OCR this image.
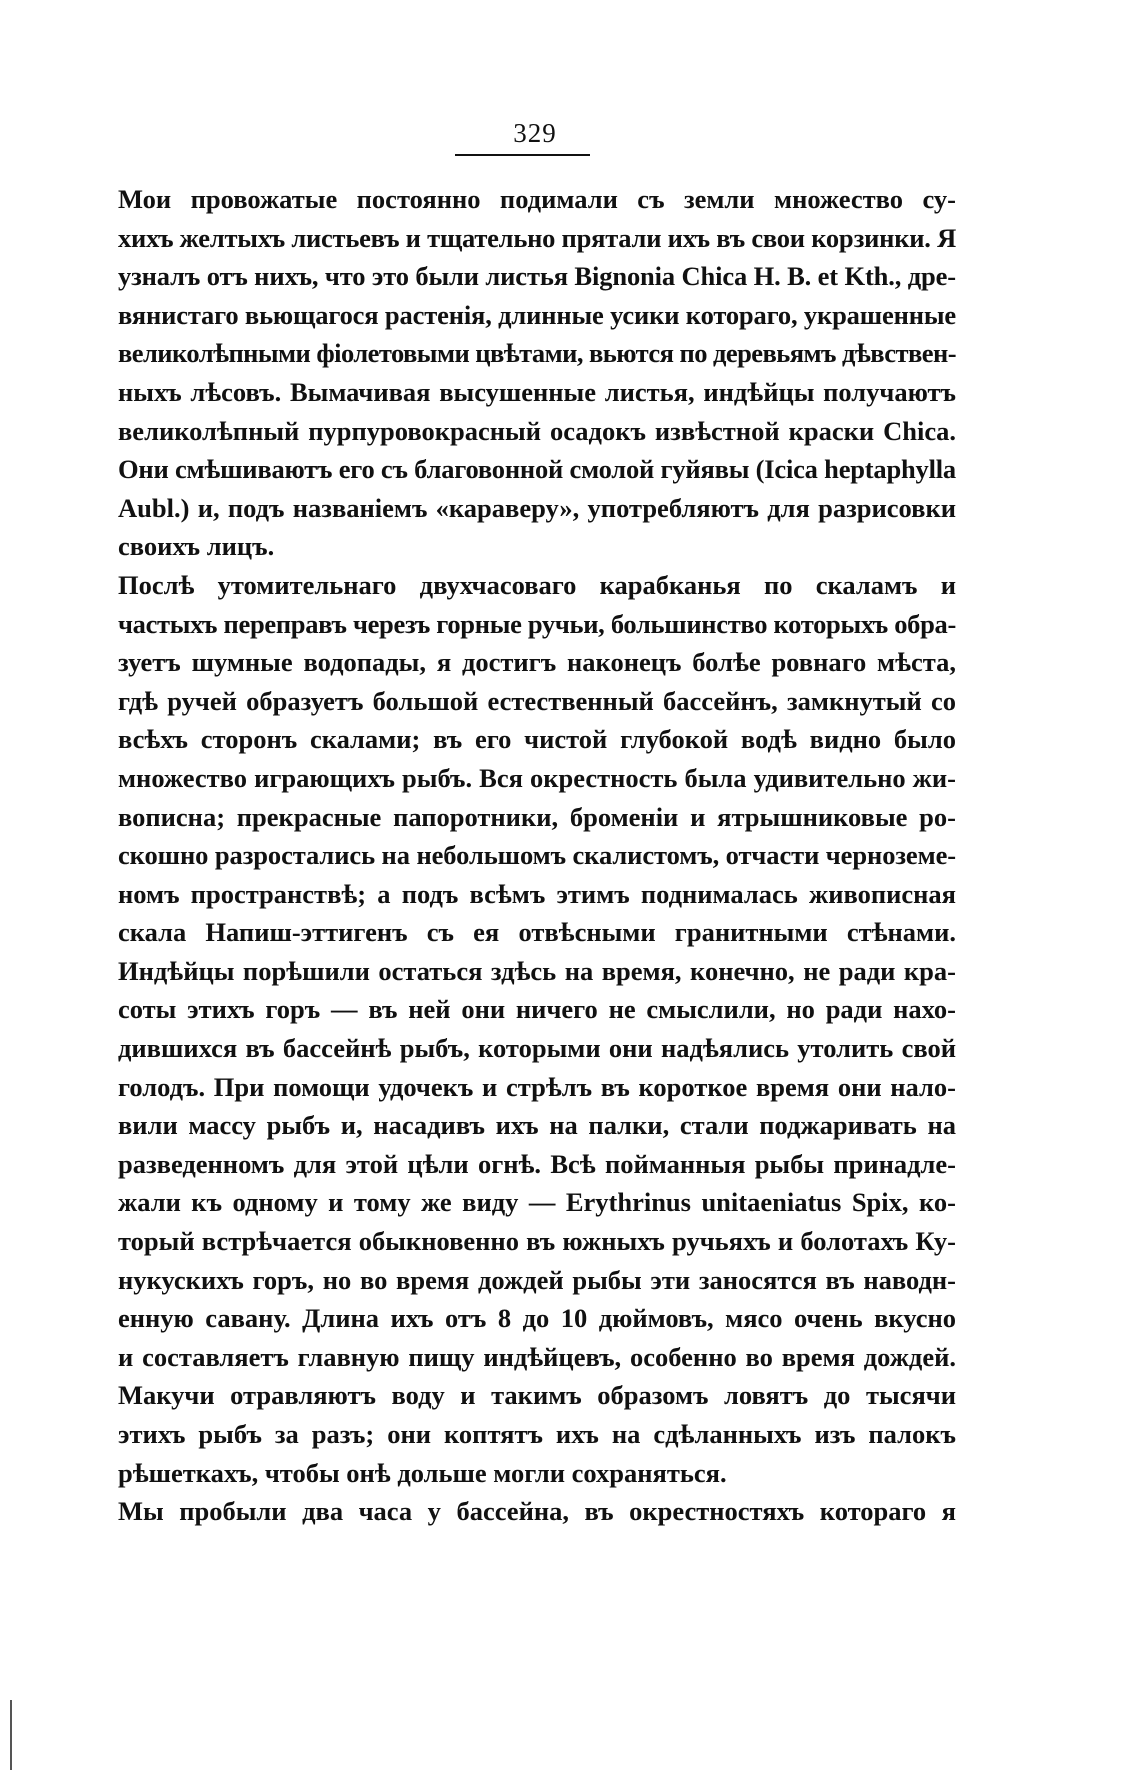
329

Мои провожатые постоянно подимали съ земли множество су-
хихъ желтыхъ листьевъ и тщательно прятали ихъ въ свои корзинки. Я
узналъ отъ нихъ, что это были листья Bignonia Chica H. B. et Kth., дре-
вянистаго вьющагося растенія, длинные усики котораго, украшенные
великолѣпными фіолетовыми цвѣтами, вьются по деревьямъ дѣвствен-
ныхъ лѣсовъ. Вымачивая высушенные листья, индѣйцы получаютъ
великолѣпный пурпуровокрасный осадокъ извѣстной краски Chica.
Они смѣшиваютъ его съ благовонной смолой гуйявы (Icica heptaphylla
Aubl.) и, подъ названіемъ «караверу», употребляютъ для разрисовки
своихъ лицъ.

Послѣ утомительнаго двухчасоваго карабканья по скаламъ и
частыхъ переправъ черезъ горные ручьи, большинство которыхъ обра-
зуетъ шумные водопады, я достигъ наконецъ болѣе ровнаго мѣста,
гдѣ ручей образуетъ большой естественный бассейнъ, замкнутый со
всѣхъ сторонъ скалами; въ его чистой глубокой водѣ видно было
множество играющихъ рыбъ. Вся окрестность была удивительно жи-
вописна; прекрасные папоротники, броменіи и ятрышниковые ро-
скошно разростались на небольшомъ скалистомъ, отчасти черноземе-
номъ пространствѣ; а подъ всѣмъ этимъ поднималась живописная
скала Напиш-эттигенъ съ ея отвѣсными гранитными стѣнами.
Индѣйцы порѣшили остаться здѣсь на время, конечно, не ради кра-
соты этихъ горъ — въ ней они ничего не смыслили, но ради нахо-
дившихся въ бассейнѣ рыбъ, которыми они надѣялись утолить свой
голодъ. При помощи удочекъ и стрѣлъ въ короткое время они нало-
вили массу рыбъ и, насадивъ ихъ на палки, стали поджаривать на
разведенномъ для этой цѣли огнѣ. Всѣ пойманныя рыбы принадле-
жали къ одному и тому же виду — Erythrinus unitaeniatus Spix, ко-
торый встрѣчается обыкновенно въ южныхъ ручьяхъ и болотахъ Ку-
нукускихъ горъ, но во время дождей рыбы эти заносятся въ наводн-
енную савану. Длина ихъ отъ 8 до 10 дюймовъ, мясо очень вкусно
и составляетъ главную пищу индѣйцевъ, особенно во время дождей.
Макучи отравляютъ воду и такимъ образомъ ловятъ до тысячи
этихъ рыбъ за разъ; они коптятъ ихъ на сдѣланныхъ изъ палокъ
рѣшеткахъ, чтобы онѣ дольше могли сохраняться.

Мы пробыли два часа у бассейна, въ окрестностяхъ котораго я
